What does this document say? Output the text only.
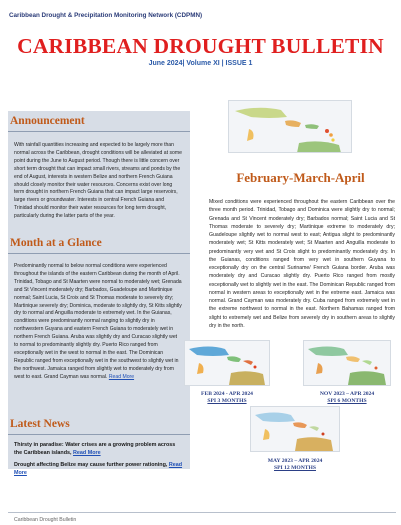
Caribbean Drought & Precipitation Monitoring Network (CDPMN)
CARIBBEAN DROUGHT BULLETIN
June 2024| Volume XI | ISSUE 1
Announcement
With rainfall quantities increasing and expected to be largely more than normal across the Caribbean, drought conditions will be alleviated at some point during the June to August period. Though there is little concern over short term drought that can impact small rivers, streams and ponds by the end of August, interests in western Belize and northern French Guiana should closely monitor their water resources. Concerns exist over long term drought in northern French Guiana that can impact large reservoirs, large rivers or groundwater. Interests in central French Guiana and Trinidad should monitor their water resources for long term drought, particularly during the latter parts of the year.
Month at a Glance
Predominantly normal to below normal conditions were experienced throughout the islands of the eastern Caribbean during the month of April. Trinidad, Tobago and St Maarten were normal to moderately wet; Grenada and St Vincent moderately dry; Barbados, Guadeloupe and Martinique normal; Saint Lucia, St Croix and St Thomas moderate to severely dry; Martinique severely dry; Dominica, moderate to slightly dry, St Kitts slightly dry to normal and Anguilla moderate to extremely wet. In the Guianas, conditions were predominantly normal ranging to slightly dry in northwestern Guyana and eastern French Guiana to moderately wet in northern French Guiana. Aruba was slightly dry and Curacao slightly wet to normal to predominantly slightly dry. Puerto Rico ranged from exceptionally wet in the west to normal in the east. The Dominican Republic ranged from exceptionally wet in the southwest to slightly wet in the northwest. Jamaica ranged from slightly wet to moderately dry from west to east. Grand Cayman was normal. Read More
Latest News
Thirsty in paradise: Water crises are a growing problem across the Caribbean islands, Read More
Drought affecting Belize may cause further power rationing, Read More
February-March-April
Mixed conditions were experienced throughout the eastern Caribbean over the three month period. Trinidad, Tobago and Dominica were slightly dry to normal; Grenada and St Vincent moderately dry; Barbados normal; Saint Lucia and St Thomas moderate to severely dry; Martinique extreme to moderately dry; Guadeloupe slightly wet to normal west to east; Antigua slight to predominantly moderately wet; St Kitts moderately wet; St Maarten and Anguilla moderate to predominantly very wet and St Croix slight to predominantly moderately dry. In the Guianas, conditions ranged from very wet in southern Guyana to exceptionally dry on the central Suriname/ French Guiana border. Aruba was moderately dry and Curacao slightly dry. Puerto Rico ranged from mostly exceptionally wet to slightly wet in the east. The Dominican Republic ranged from normal in western areas to exceptionally wet in the extreme east. Jamaica was normal. Grand Cayman was moderately dry. Cuba ranged from extremely wet in the extreme northwest to normal in the east. Northern Bahamas ranged from slight to extremely wet and Belize from severely dry in southern areas to slightly dry in the north.
FEB 2024 - APR 2024
SPI 3 MONTHS
NOV 2023 – APR 2024
SPI 6 MONTHS
MAY 2023 – APR 2024
SPI 12 MONTHS
Caribbean Drought Bulletin
